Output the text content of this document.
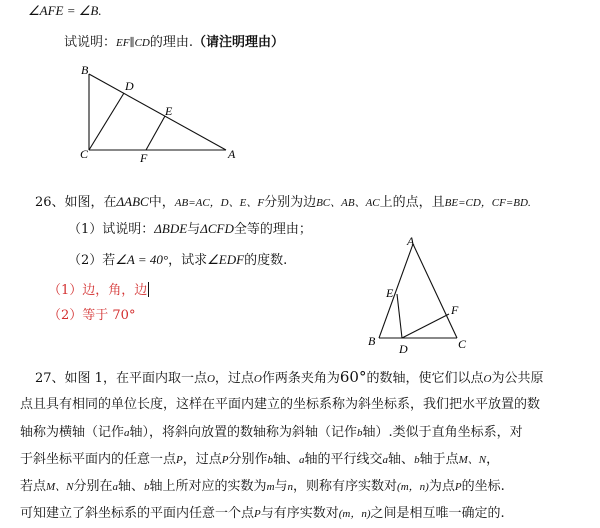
∠AFE = ∠B.
试说明：EF∥CD的理由.（请注明理由）
B
D
E
C	F	A
A
E
F
B
D	C
26、如图，在ΔABC中，AB=AC，D、E、F分别为边BC、AB、AC上的点，且BE=CD，CF=BD.
（1）试说明：ΔBDE与ΔCFD全等的理由；
（2）若∠A = 40°，试求∠EDF的度数.
（1）边，角，边
（2）等于 70°
27、如图 1，在平面内取一点O，过点O作两条夹角为60°的数轴，使它们以点O为公共原
点且具有相同的单位长度，这样在平面内建立的坐标系称为斜坐标系，我们把水平放置的数
轴称为横轴（记作a轴），将斜向放置的数轴称为斜轴（记作b轴）.类似于直角坐标系，对
于斜坐标平面内的任意一点P，过点P分别作b轴、a轴的平行线交a轴、b轴于点M、N，
若点M、N分别在a轴、b轴上所对应的实数为m与n，则称有序实数对(m，n)为点P的坐标.
可知建立了斜坐标系的平面内任意一个点P与有序实数对(m，n)之间是相互唯一确定的.
